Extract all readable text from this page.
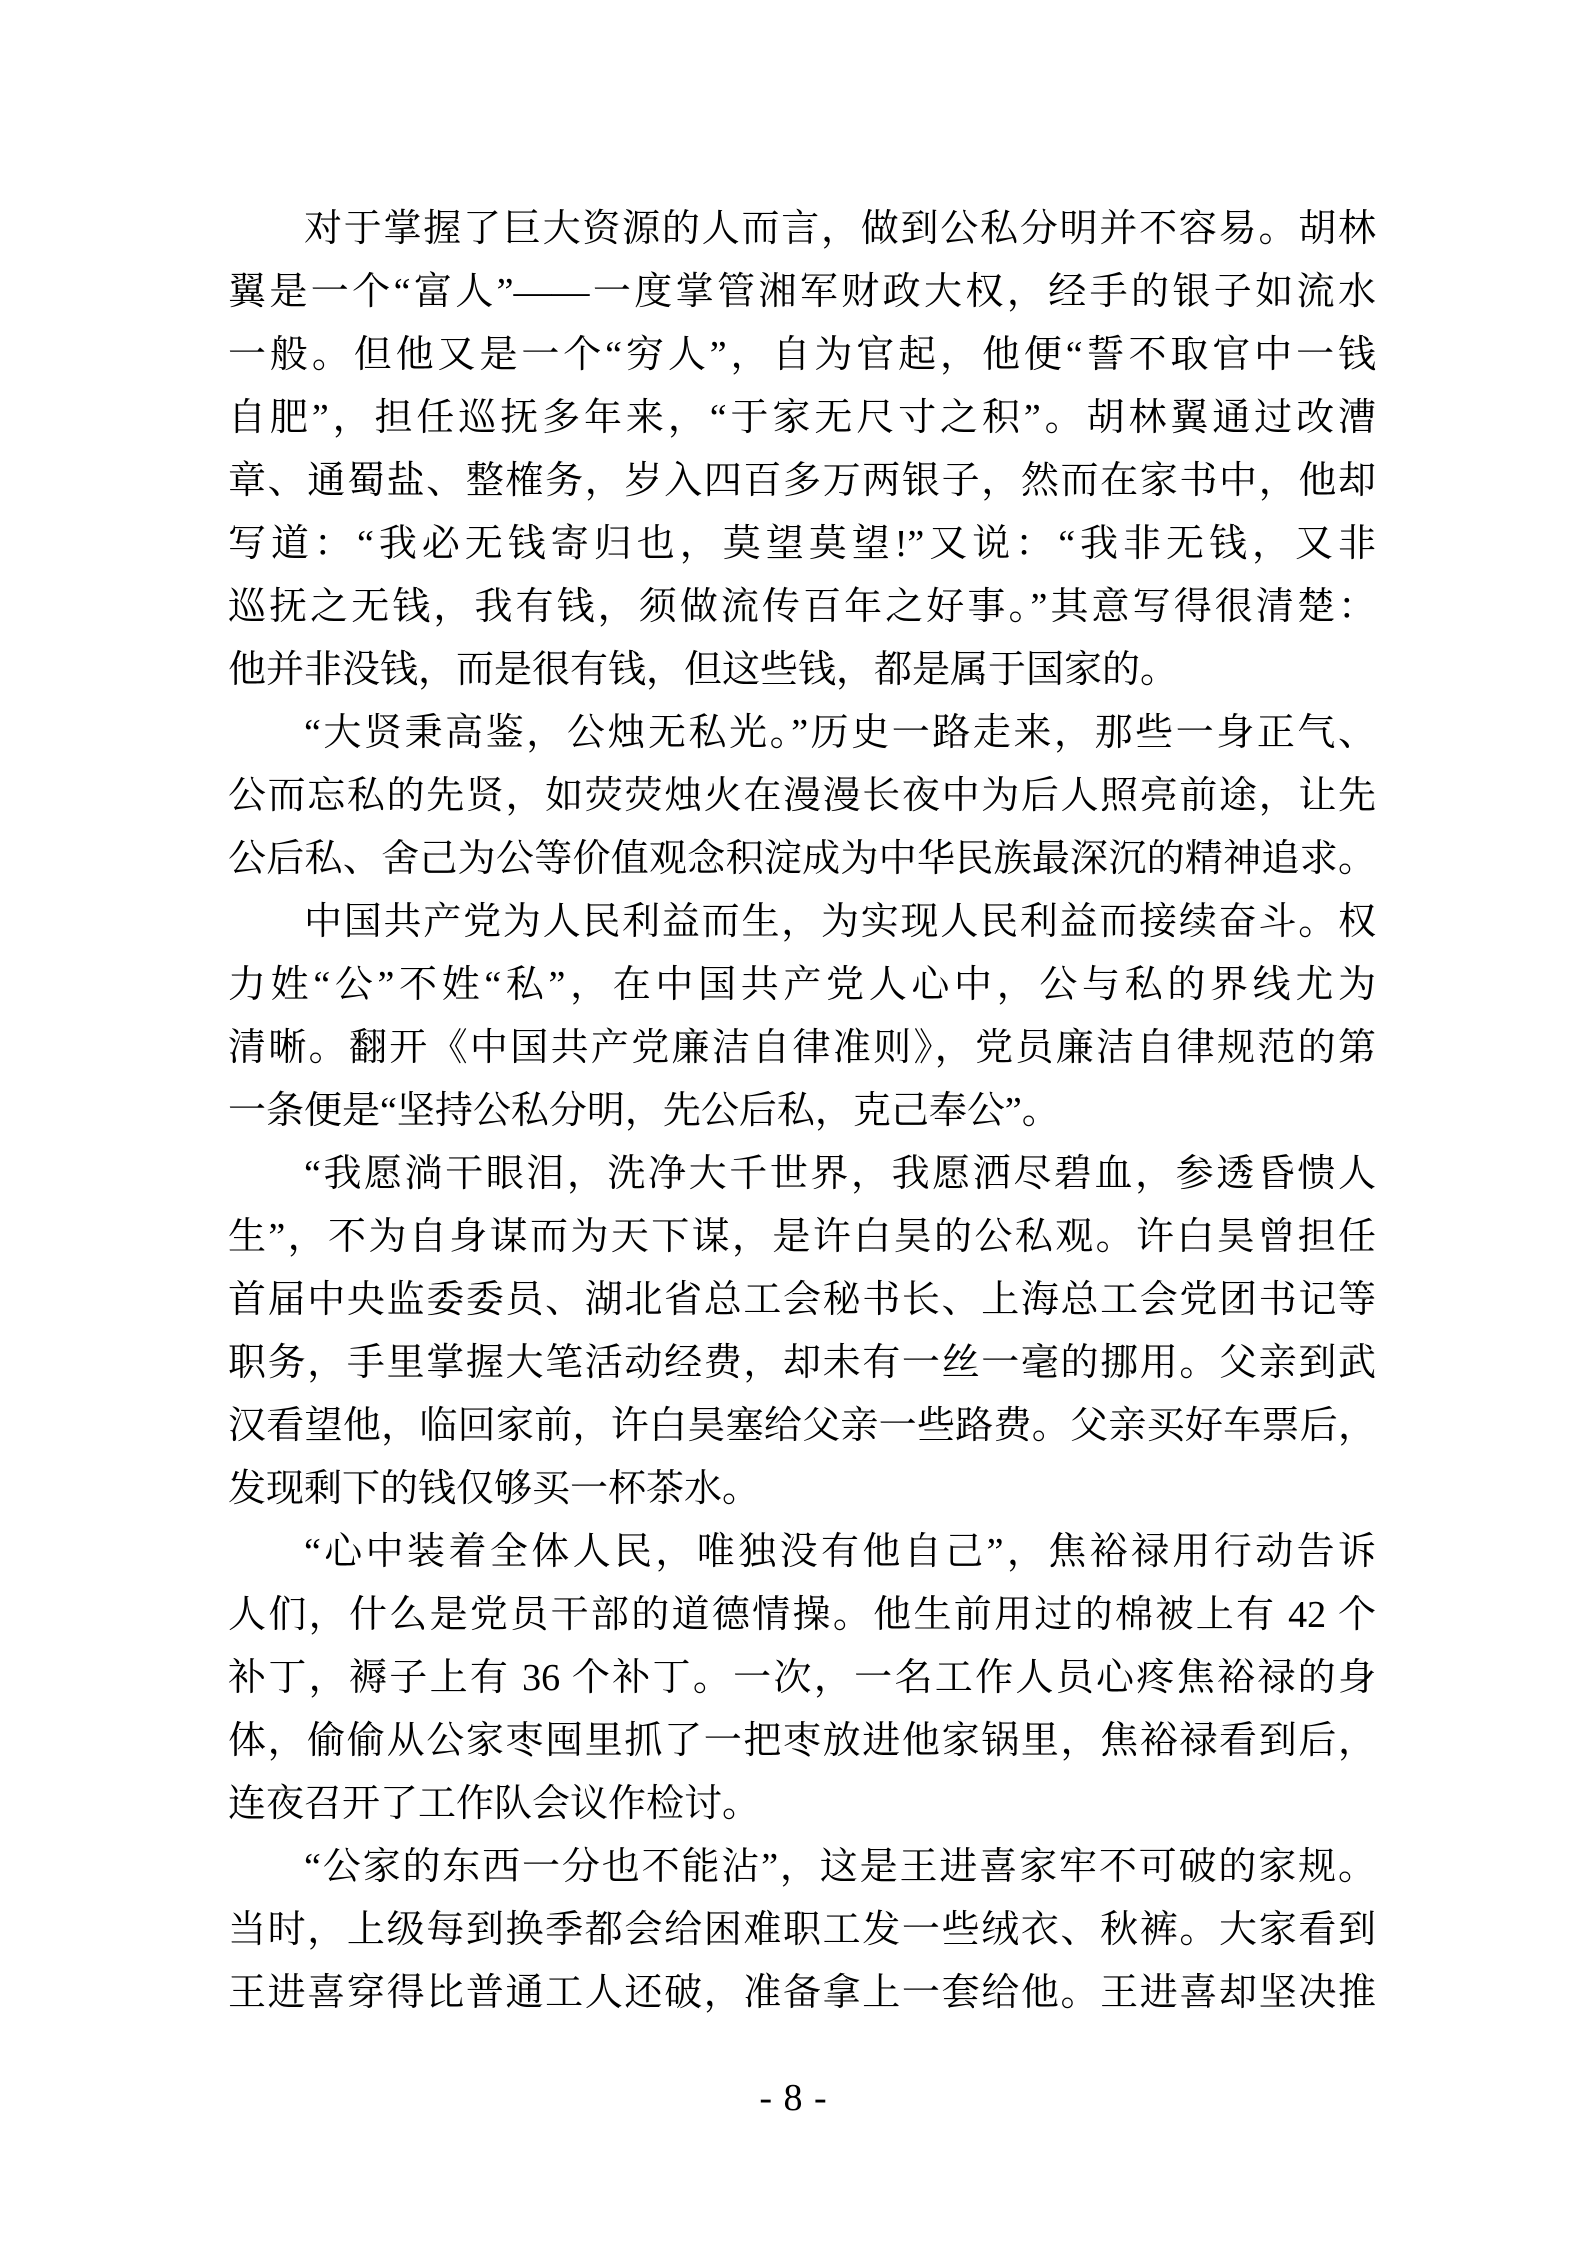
对于掌握了巨大资源的人而言，做到公私分明并不容易。胡林
翼是一个“富人”——一度掌管湘军财政大权，经手的银子如流水
一般。但他又是一个“穷人”，自为官起，他便“誓不取官中一钱
自肥”，担任巡抚多年来，“于家无尺寸之积”。胡林翼通过改漕
章、通蜀盐、整榷务，岁入四百多万两银子，然而在家书中，他却
写道：“我必无钱寄归也，莫望莫望!”又说：“我非无钱，又非
巡抚之无钱，我有钱，须做流传百年之好事。”其意写得很清楚：
他并非没钱，而是很有钱，但这些钱，都是属于国家的。
“大贤秉高鉴，公烛无私光。”历史一路走来，那些一身正气、
公而忘私的先贤，如荧荧烛火在漫漫长夜中为后人照亮前途，让先
公后私、舍己为公等价值观念积淀成为中华民族最深沉的精神追求。
中国共产党为人民利益而生，为实现人民利益而接续奋斗。权
力姓“公”不姓“私”，在中国共产党人心中，公与私的界线尤为
清晰。翻开《中国共产党廉洁自律准则》，党员廉洁自律规范的第
一条便是“坚持公私分明，先公后私，克己奉公”。
“我愿淌干眼泪，洗净大千世界，我愿洒尽碧血，参透昏愦人
生”，不为自身谋而为天下谋，是许白昊的公私观。许白昊曾担任
首届中央监委委员、湖北省总工会秘书长、上海总工会党团书记等
职务，手里掌握大笔活动经费，却未有一丝一毫的挪用。父亲到武
汉看望他，临回家前，许白昊塞给父亲一些路费。父亲买好车票后，
发现剩下的钱仅够买一杯茶水。
“心中装着全体人民，唯独没有他自己”，焦裕禄用行动告诉
人们，什么是党员干部的道德情操。他生前用过的棉被上有 42 个
补丁，褥子上有 36 个补丁。一次，一名工作人员心疼焦裕禄的身
体，偷偷从公家枣囤里抓了一把枣放进他家锅里，焦裕禄看到后，
连夜召开了工作队会议作检讨。
“公家的东西一分也不能沾”，这是王进喜家牢不可破的家规。
当时，上级每到换季都会给困难职工发一些绒衣、秋裤。大家看到
王进喜穿得比普通工人还破，准备拿上一套给他。王进喜却坚决推
- 8 -
